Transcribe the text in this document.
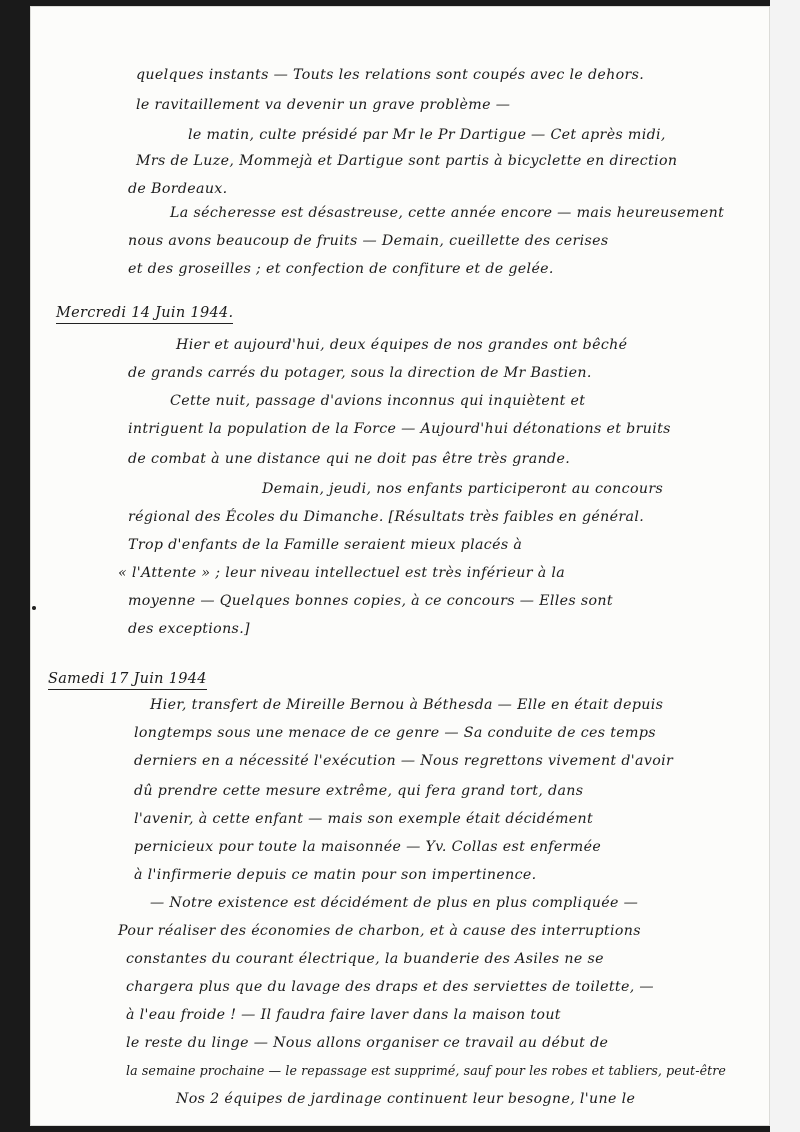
quelques instants — Touts les relations sont coupés avec le dehors.
le ravitaillement va devenir un grave problème —
le matin, culte présidé par Mr le Pr Dartigue — Cet après midi,
Mrs de Luze, Mommejà et Dartigue sont partis à bicyclette en direction
de Bordeaux.
La sécheresse est désastreuse, cette année encore — mais heureusement
nous avons beaucoup de fruits — Demain, cueillette des cerises
et des groseilles ; et confection de confiture et de gelée.
Mercredi 14 Juin 1944.
Hier et aujourd'hui, deux équipes de nos grandes ont bêché
de grands carrés du potager, sous la direction de Mr Bastien.
Cette nuit, passage d'avions inconnus qui inquiètent et
intriguent la population de la Force — Aujourd'hui détonations et bruits
de combat à une distance qui ne doit pas être très grande.
Demain, jeudi, nos enfants participeront au concours
régional des Écoles du Dimanche. [Résultats très faibles en général.
Trop d'enfants de la Famille seraient mieux placés à
« l'Attente » ; leur niveau intellectuel est très inférieur à la
moyenne — Quelques bonnes copies, à ce concours — Elles sont
des exceptions.]
Samedi 17 Juin 1944
Hier, transfert de Mireille Bernou à Béthesda — Elle en était depuis
longtemps sous une menace de ce genre — Sa conduite de ces temps
derniers en a nécessité l'exécution — Nous regrettons vivement d'avoir
dû prendre cette mesure extrême, qui fera grand tort, dans
l'avenir, à cette enfant — mais son exemple était décidément
pernicieux pour toute la maisonnée — Yv. Collas est enfermée
à l'infirmerie depuis ce matin pour son impertinence.
— Notre existence est décidément de plus en plus compliquée —
Pour réaliser des économies de charbon, et à cause des interruptions
constantes du courant électrique, la buanderie des Asiles ne se
chargera plus que du lavage des draps et des serviettes de toilette, —
à l'eau froide ! — Il faudra faire laver dans la maison tout
le reste du linge — Nous allons organiser ce travail au début de
la semaine prochaine — le repassage est supprimé, sauf pour les robes et tabliers, peut-être
Nos 2 équipes de jardinage continuent leur besogne, l'une le
